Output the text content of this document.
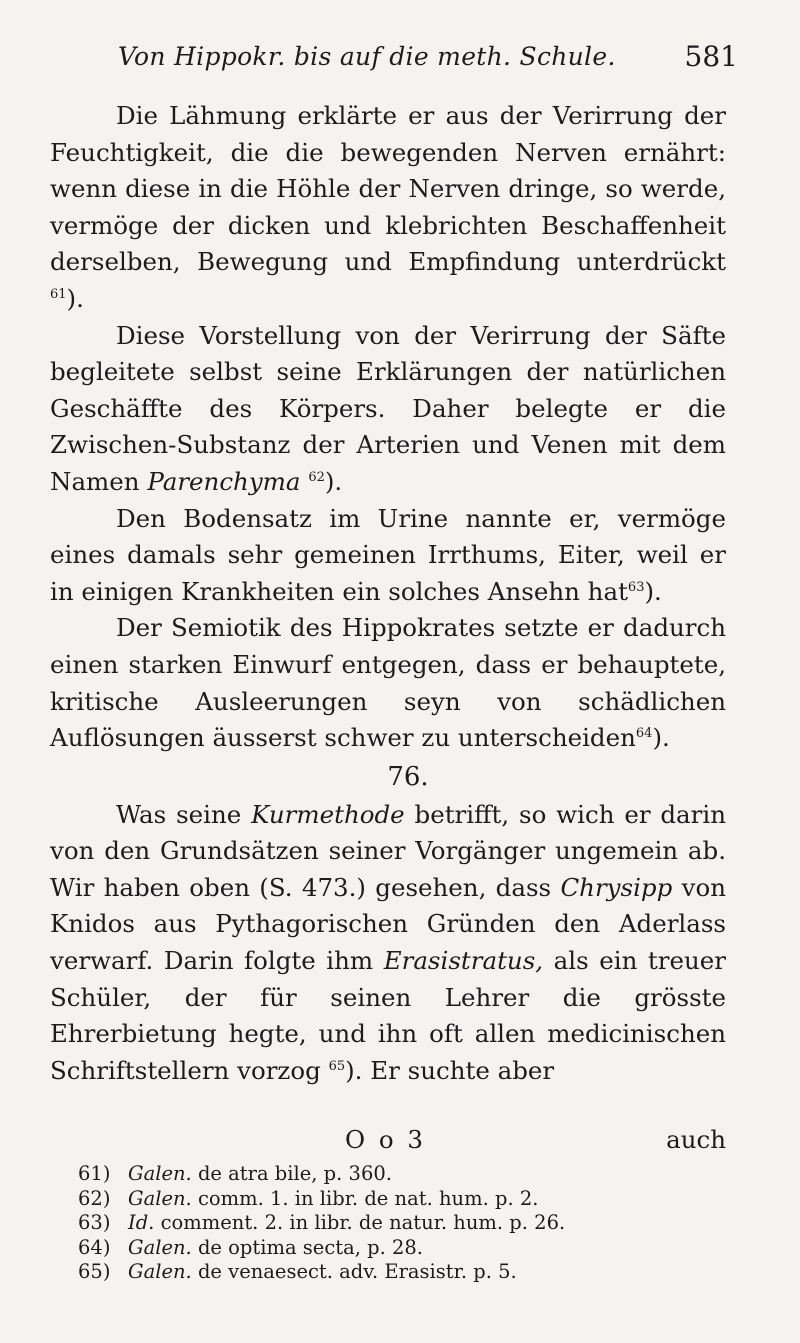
Von Hippokr. bis auf die meth. Schule. 581

Die Lähmung erklärte er aus der Verirrung der Feuchtigkeit, die die bewegenden Nerven ernährt: wenn diese in die Höhle der Nerven dringe, so werde, vermöge der dicken und klebrichten Beschaffenheit derselben, Bewegung und Empfindung unterdrückt $^{61}$).

Diese Vorstellung von der Verirrung der Säfte begleitete selbst seine Erklärungen der natürlichen Geschäffte des Körpers. Daher belegte er die Zwischen-Substanz der Arterien und Venen mit dem Namen Parenchyma $^{62}$).

Den Bodensatz im Urine nannte er, vermöge eines damals sehr gemeinen Irrthums, Eiter, weil er in einigen Krankheiten ein solches Ansehn hat$^{63}$).

Der Semiotik des Hippokrates setzte er dadurch einen starken Einwurf entgegen, dass er behauptete, kritische Ausleerungen seyn von schädlichen Auflösungen äusserst schwer zu unterscheiden$^{64}$).

76.

Was seine Kurmethode betrifft, so wich er darin von den Grundsätzen seiner Vorgänger ungemein ab. Wir haben oben (S. 473.) gesehen, dass Chrysipp von Knidos aus Pythagorischen Gründen den Aderlass verwarf. Darin folgte ihm Erasistratus, als ein treuer Schüler, der für seinen Lehrer die grösste Ehrerbietung hegte, und ihn oft allen medicinischen Schriftstellern vorzog $^{65}$). Er suchte aber

O o 3	auch
61) Galen. de atra bile, p. 360.
62) Galen. comm. 1. in libr. de nat. hum. p. 2.
63) Id. comment. 2. in libr. de natur. hum. p. 26.
64) Galen. de optima secta, p. 28.
65) Galen. de venaesect. adv. Erasistr. p. 5.
